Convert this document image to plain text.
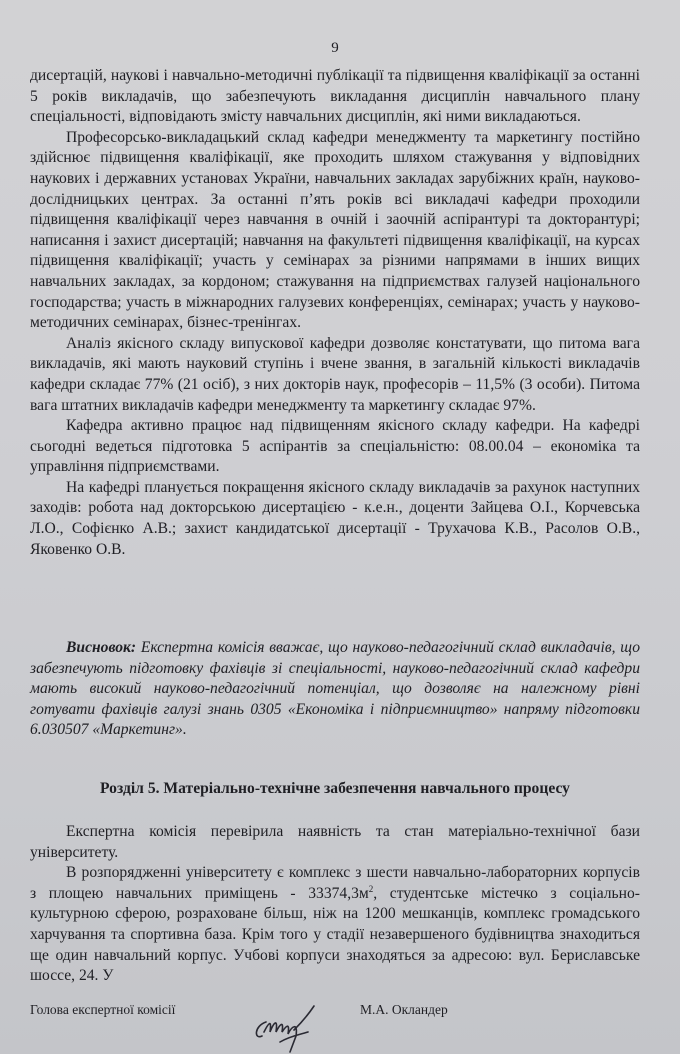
9

дисертацій, наукові і навчально-методичні публікації та підвищення кваліфікації за останні 5 років викладачів, що забезпечують викладання дисциплін навчального плану спеціальності, відповідають змісту навчальних дисциплін, які ними викладаються.

Професорсько-викладацький склад кафедри менеджменту та маркетингу постійно здійснює підвищення кваліфікації, яке проходить шляхом стажування у відповідних наукових і державних установах України, навчальних закладах зарубіжних країн, науково-дослідницьких центрах. За останні п’ять років всі викладачі кафедри проходили підвищення кваліфікації через навчання в очній і заочній аспірантурі та докторантурі; написання і захист дисертацій; навчання на факультеті підвищення кваліфікації, на курсах підвищення кваліфікації; участь у семінарах за різними напрямами в інших вищих навчальних закладах, за кордоном; стажування на підприємствах галузей національного господарства; участь в міжнародних галузевих конференціях, семінарах; участь у науково-методичних семінарах, бізнес-тренінгах.

Аналіз якісного складу випускової кафедри дозволяє констатувати, що питома вага викладачів, які мають науковий ступінь і вчене звання, в загальній кількості викладачів кафедри складає 77% (21 осіб), з них докторів наук, професорів – 11,5% (3 особи). Питома вага штатних викладачів кафедри менеджменту та маркетингу складає 97%.

Кафедра активно працює над підвищенням якісного складу кафедри. На кафедрі сьогодні ведеться підготовка 5 аспірантів за спеціальністю: 08.00.04 – економіка та управління підприємствами.

На кафедрі планується покращення якісного складу викладачів за рахунок наступних заходів: робота над докторською дисертацією - к.е.н., доценти Зайцева О.І., Корчевська Л.О., Софієнко А.В.; захист кандидатської дисертації - Трухачова К.В., Расолов О.В., Яковенко О.В.

Висновок: Експертна комісія вважає, що науково-педагогічний склад викладачів, що забезпечують підготовку фахівців зі спеціальності, науково-педагогічний склад кафедри мають високий науково-педагогічний потенціал, що дозволяє на належному рівні готувати фахівців галузі знань 0305 «Економіка і підприємництво» напряму підготовки 6.030507 «Маркетинг».

Розділ 5. Матеріально-технічне забезпечення навчального процесу

Експертна комісія перевірила наявність та стан матеріально-технічної бази університету.

В розпорядженні університету є комплекс з шести навчально-лабораторних корпусів з площею навчальних приміщень - $33374,3м^2$, студентське містечко з соціально-культурною сферою, розраховане більш, ніж на 1200 мешканців, комплекс громадського харчування та спортивна база. Крім того у стадії незавершеного будівництва знаходиться ще один навчальний корпус. Учбові корпуси знаходяться за адресою: вул. Бериславське шоссе, 24. У

Голова експертної комісії	М.А. Окландер
